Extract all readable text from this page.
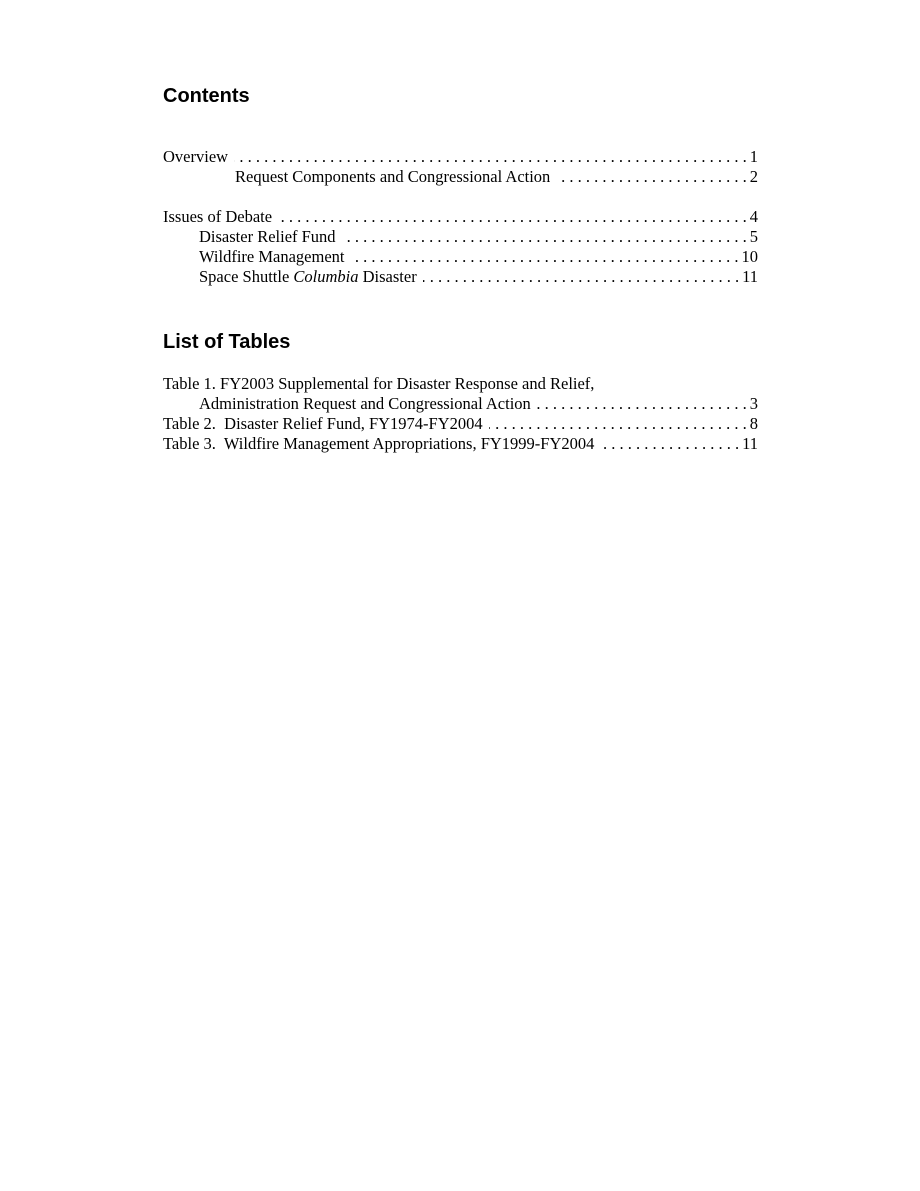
Contents
Overview . . .	1
Request Components and Congressional Action . . .	2
Issues of Debate . . .	4
Disaster Relief Fund . . .	5
Wildfire Management . . .	10
Space Shuttle Columbia Disaster . . .	11
List of Tables
Table 1. FY2003 Supplemental for Disaster Response and Relief,
Administration Request and Congressional Action . . .	3
Table 2.  Disaster Relief Fund, FY1974-FY2004 . . .	8
Table 3.  Wildfire Management Appropriations, FY1999-FY2004 . . .	11
